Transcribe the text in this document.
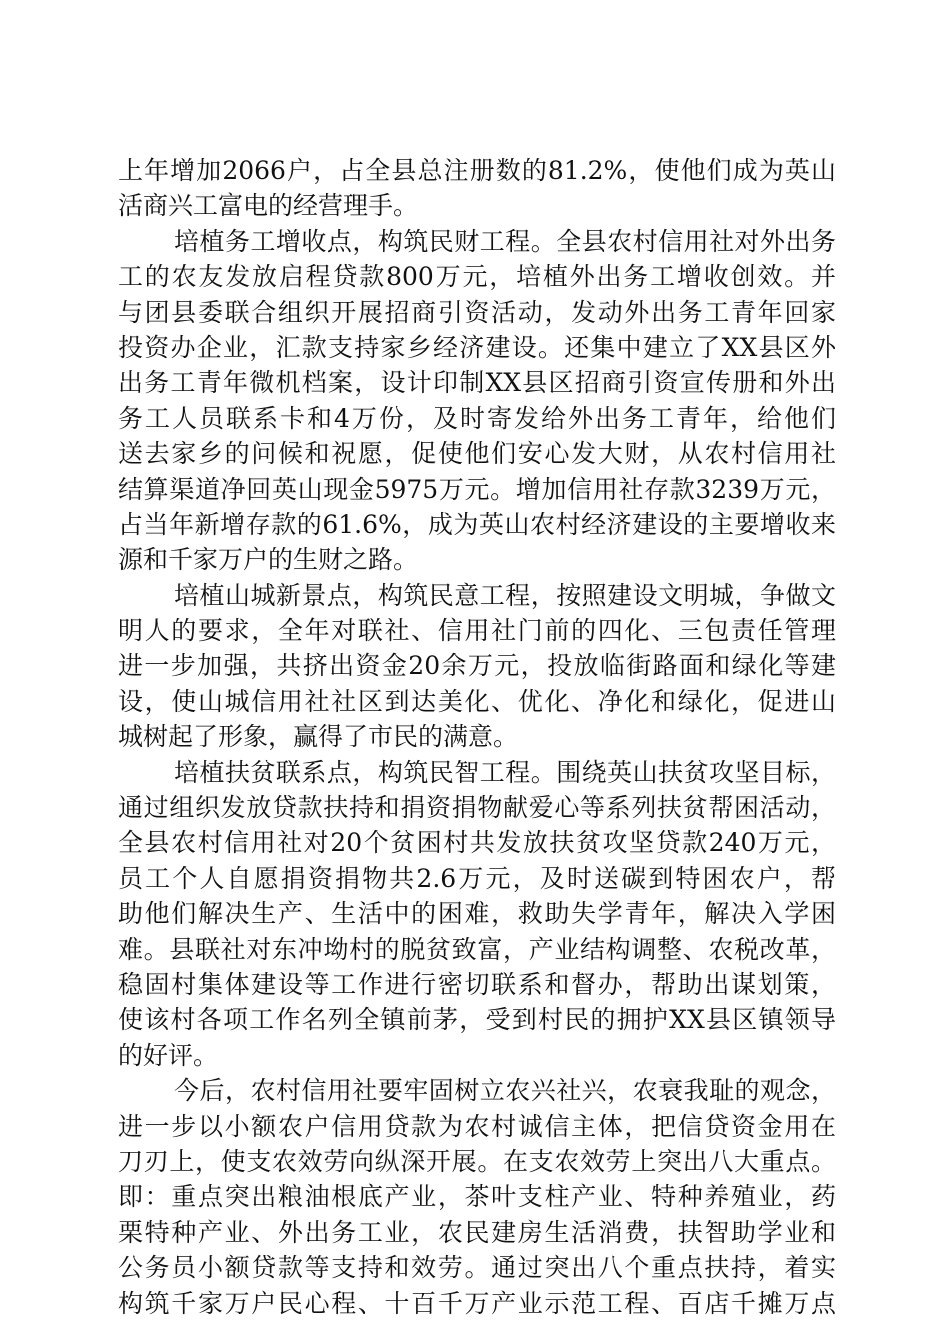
上年增加2066户，占全县总注册数的81.2%，使他们成为英山
活商兴工富电的经营理手。
培植务工增收点，构筑民财工程。全县农村信用社对外出务
工的农友发放启程贷款800万元，培植外出务工增收创效。并
与团县委联合组织开展招商引资活动，发动外出务工青年回家
投资办企业，汇款支持家乡经济建设。还集中建立了XX县区外
出务工青年微机档案，设计印制XX县区招商引资宣传册和外出
务工人员联系卡和4万份，及时寄发给外出务工青年，给他们
送去家乡的问候和祝愿，促使他们安心发大财，从农村信用社
结算渠道净回英山现金5975万元。增加信用社存款3239万元，
占当年新增存款的61.6%，成为英山农村经济建设的主要增收来
源和千家万户的生财之路。
培植山城新景点，构筑民意工程，按照建设文明城，争做文
明人的要求，全年对联社、信用社门前的四化、三包责任管理
进一步加强，共挤出资金20余万元，投放临街路面和绿化等建
设，使山城信用社社区到达美化、优化、净化和绿化，促进山
城树起了形象，赢得了市民的满意。
培植扶贫联系点，构筑民智工程。围绕英山扶贫攻坚目标，
通过组织发放贷款扶持和捐资捐物献爱心等系列扶贫帮困活动，
全县农村信用社对20个贫困村共发放扶贫攻坚贷款240万元，
员工个人自愿捐资捐物共2.6万元，及时送碳到特困农户，帮
助他们解决生产、生活中的困难，救助失学青年，解决入学困
难。县联社对东冲坳村的脱贫致富，产业结构调整、农税改革，
稳固村集体建设等工作进行密切联系和督办，帮助出谋划策，
使该村各项工作名列全镇前茅，受到村民的拥护XX县区镇领导
的好评。
今后，农村信用社要牢固树立农兴社兴，农衰我耻的观念，
进一步以小额农户信用贷款为农村诚信主体，把信贷资金用在
刀刃上，使支农效劳向纵深开展。在支农效劳上突出八大重点。
即：重点突出粮油根底产业，茶叶支柱产业、特种养殖业，药
栗特种产业、外出务工业，农民建房生活消费，扶智助学业和
公务员小额贷款等支持和效劳。通过突出八个重点扶持，着实
构筑千家万户民心程、十百千万产业示范工程、百店千摊万点
